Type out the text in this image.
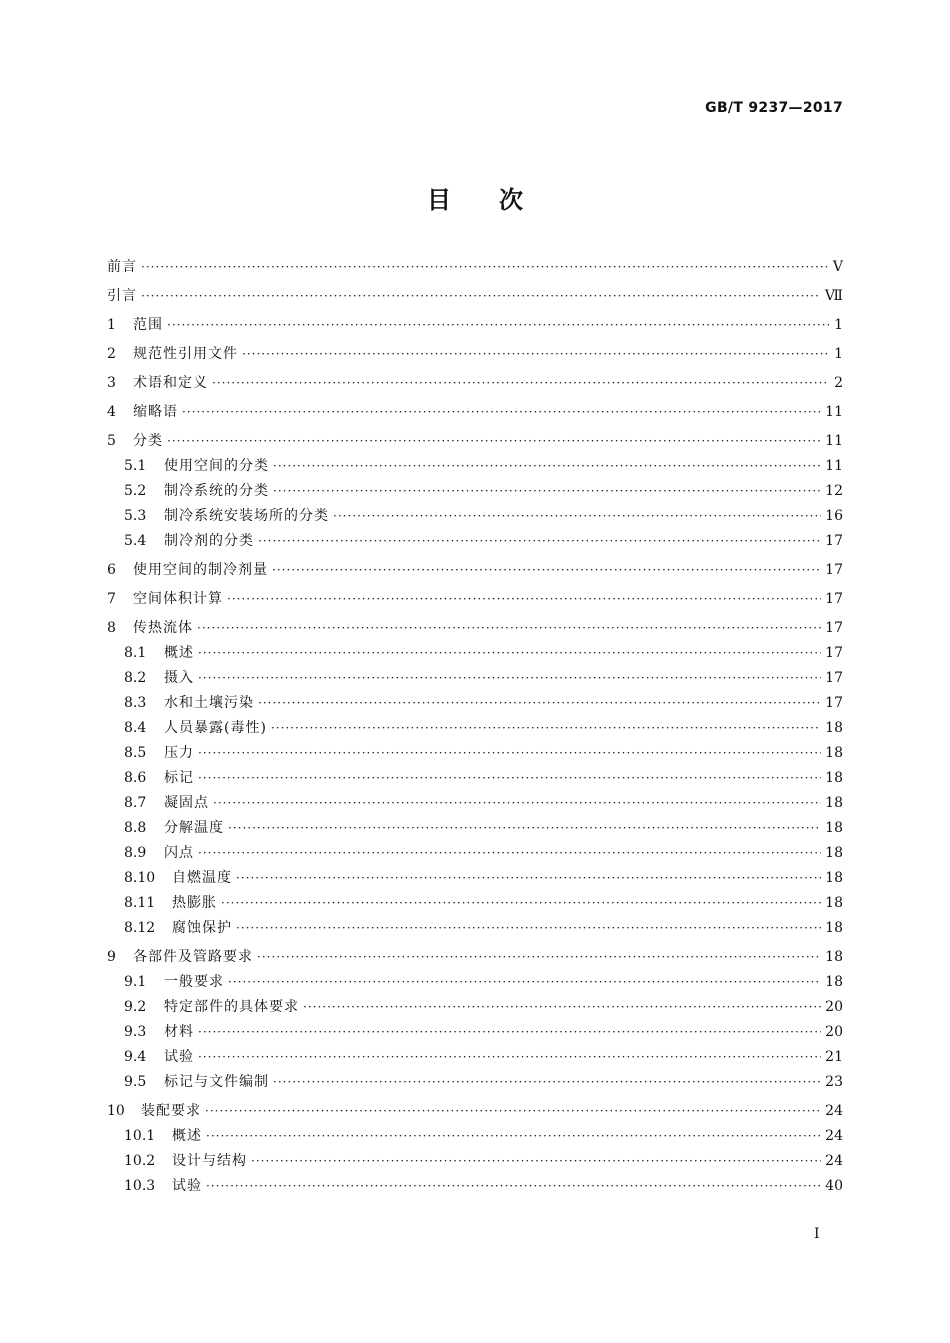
GB/T 9237—2017
目次
前言 ·····	Ⅴ
引言 ·····	Ⅶ
1	范围 ·····	1
2	规范性引用文件 ·····	1
3	术语和定义 ·····	2
4	缩略语 ·····	11
5	分类 ·····	11
5.1	使用空间的分类 ·····	11
5.2	制冷系统的分类 ·····	12
5.3	制冷系统安装场所的分类 ·····	16
5.4	制冷剂的分类 ·····	17
6	使用空间的制冷剂量 ·····	17
7	空间体积计算 ·····	17
8	传热流体 ·····	17
8.1	概述 ·····	17
8.2	摄入 ·····	17
8.3	水和土壤污染 ·····	17
8.4	人员暴露(毒性) ·····	18
8.5	压力 ·····	18
8.6	标记 ·····	18
8.7	凝固点 ·····	18
8.8	分解温度 ·····	18
8.9	闪点 ·····	18
8.10	自燃温度 ·····	18
8.11	热膨胀 ·····	18
8.12	腐蚀保护 ·····	18
9	各部件及管路要求 ·····	18
9.1	一般要求 ·····	18
9.2	特定部件的具体要求 ·····	20
9.3	材料 ·····	20
9.4	试验 ·····	21
9.5	标记与文件编制 ·····	23
10	装配要求 ·····	24
10.1	概述 ·····	24
10.2	设计与结构 ·····	24
10.3	试验 ·····	40
I
